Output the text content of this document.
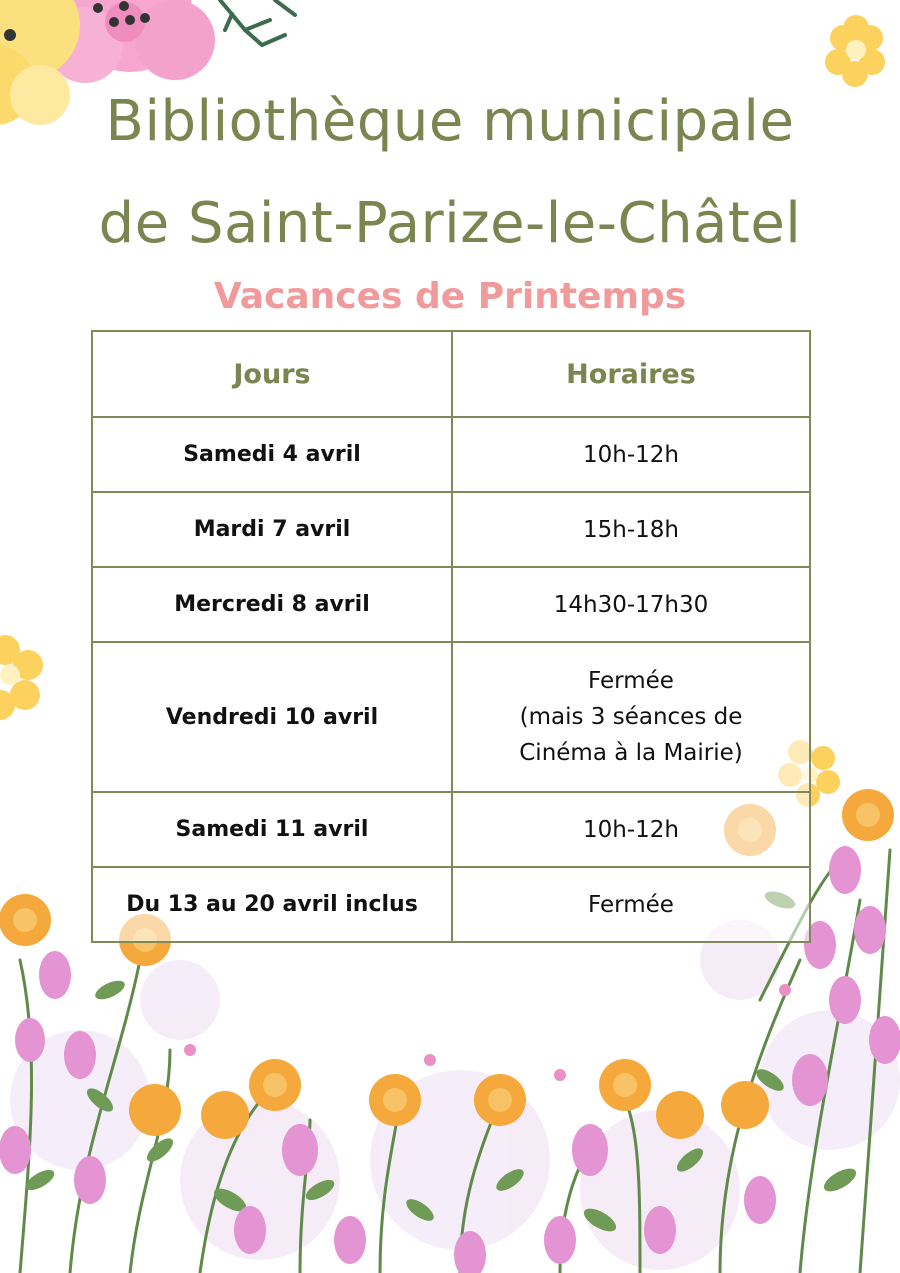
Bibliothèque municipale
de Saint-Parize-le-Châtel
Vacances de Printemps
Jours	Horaires
Samedi 4 avril	10h-12h

Mardi 7 avril	15h-18h

Mercredi 8 avril	14h30-17h30

Vendredi 10 avril	Fermée
(mais 3 séances de
Cinéma à la Mairie)

Samedi 11 avril	10h-12h

Du 13 au 20 avril inclus	Fermée
